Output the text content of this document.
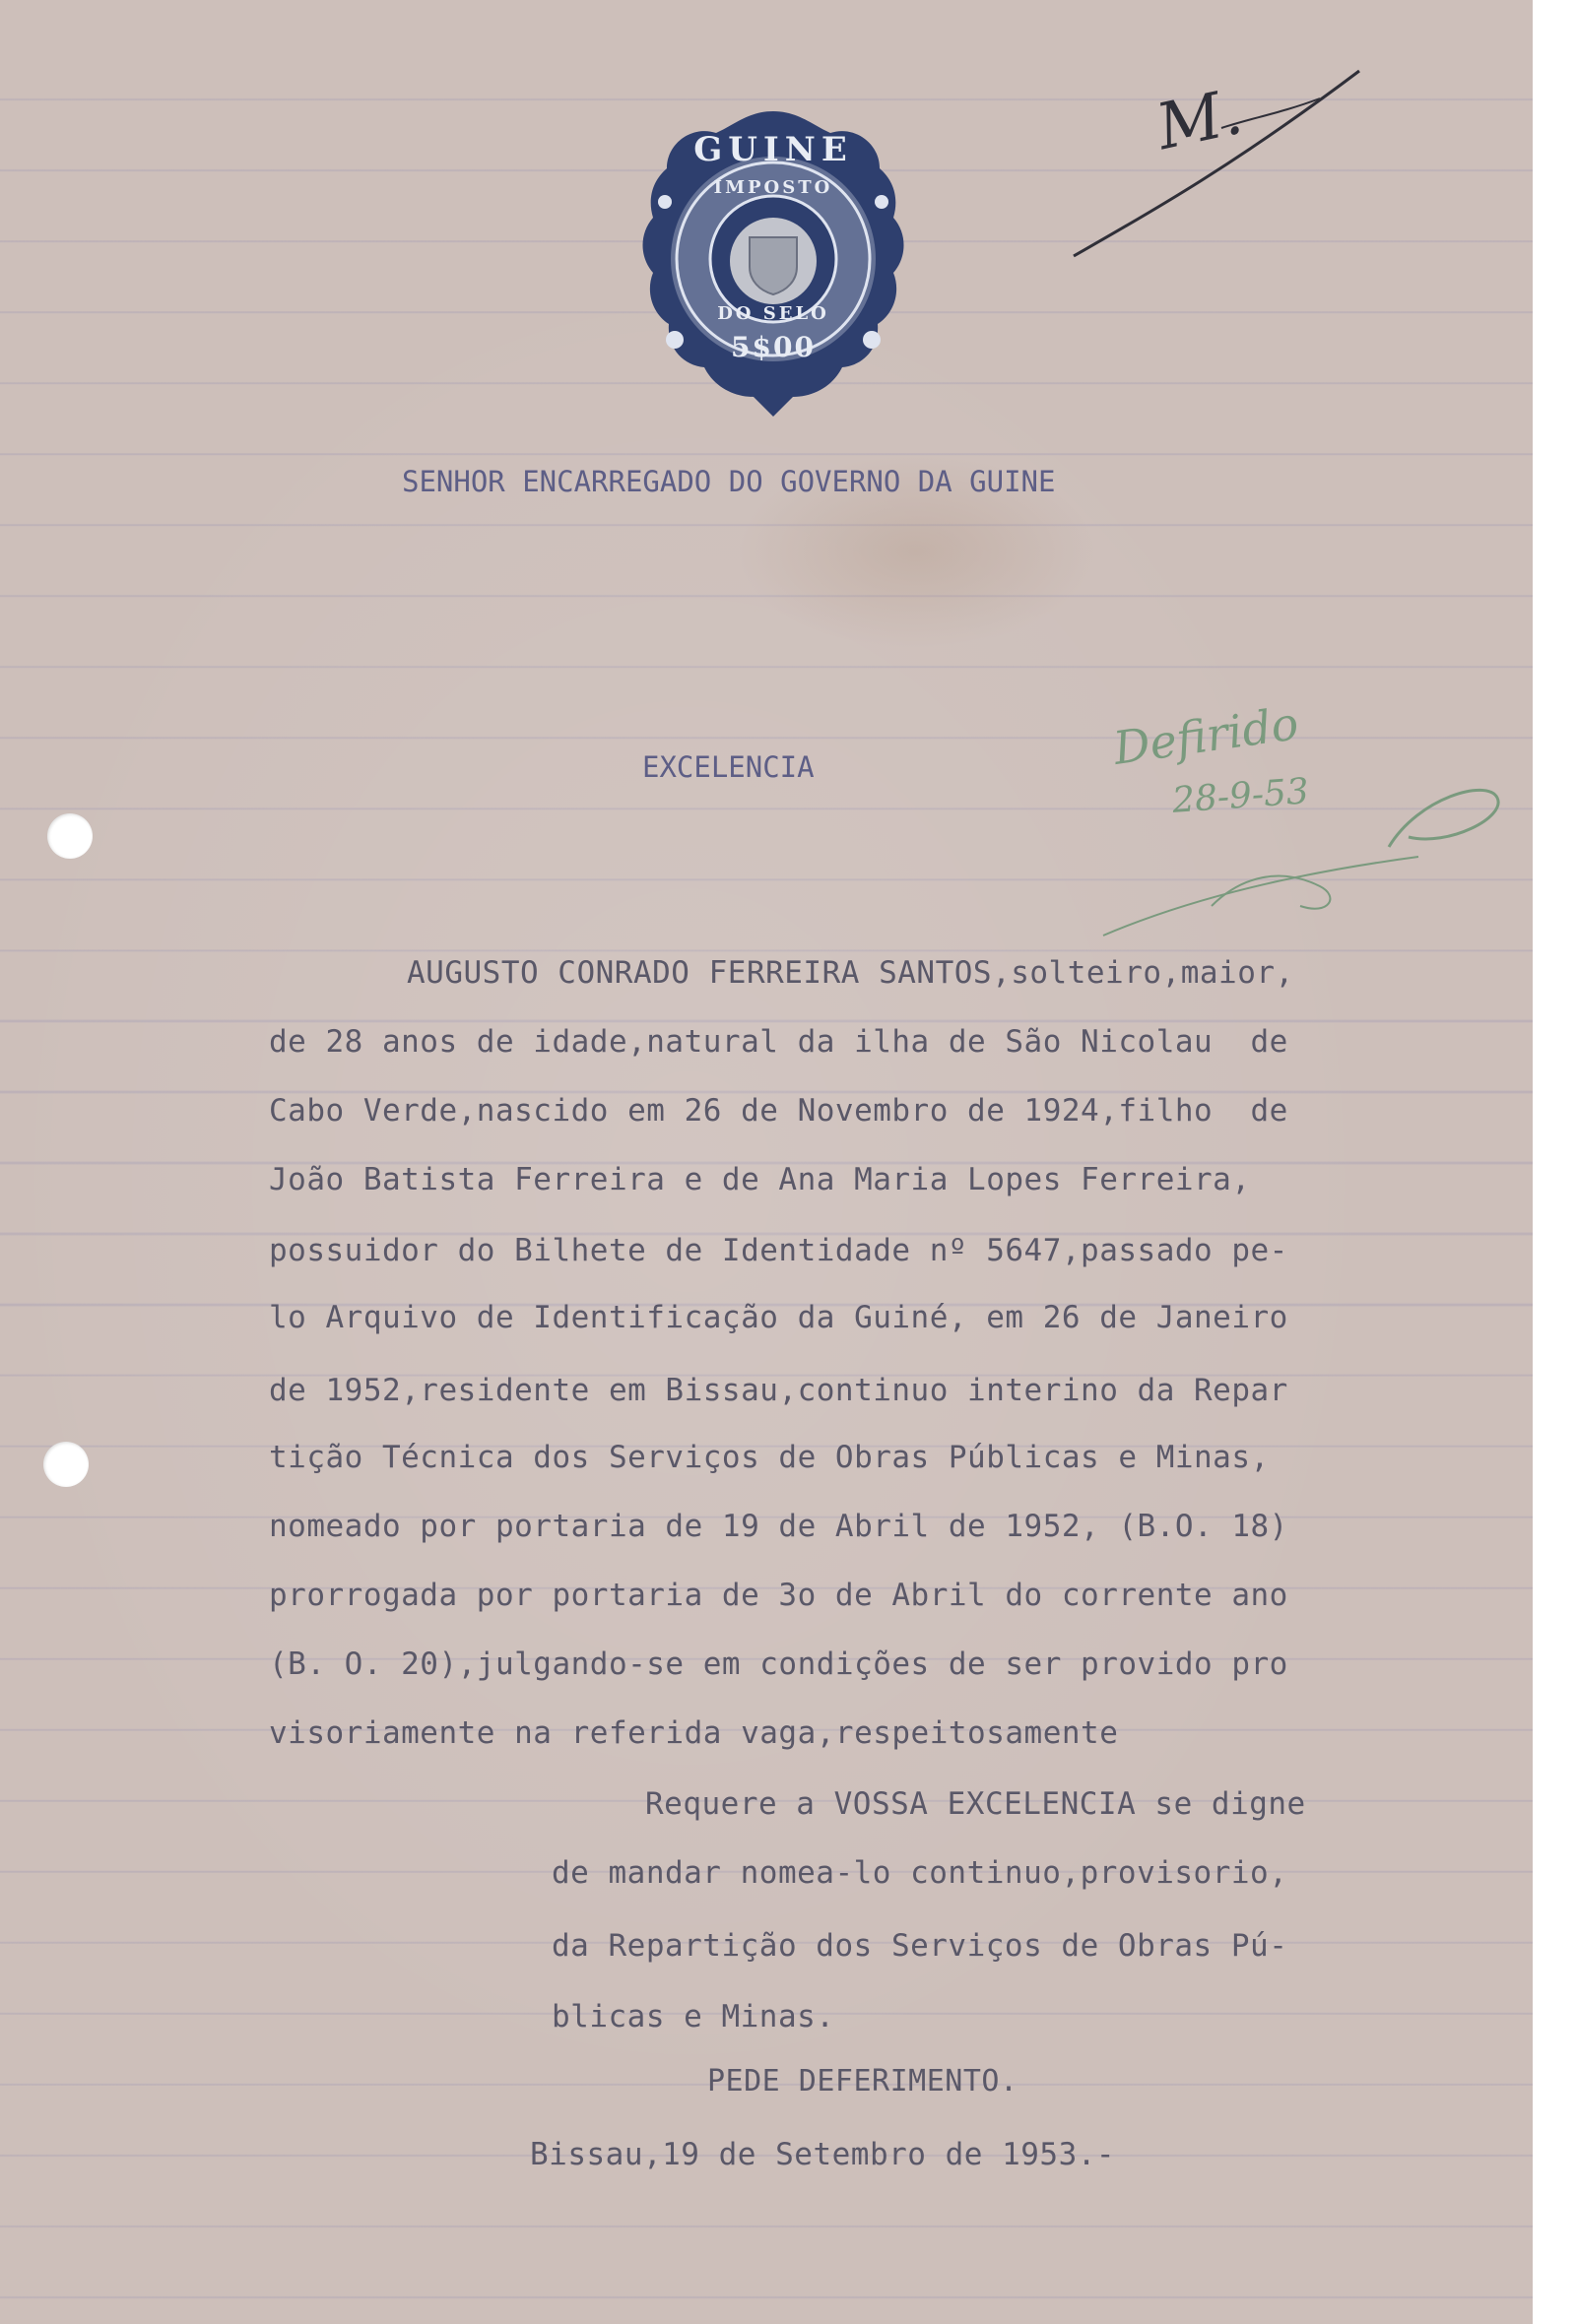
GUINE
IMPOSTO
DO SELO
5$00
M.
SENHOR ENCARREGADO DO GOVERNO DA GUINE
EXCELENCIA	Defirido
28-9-53
AUGUSTO CONRADO FERREIRA SANTOS,solteiro,maior,
de 28 anos de idade,natural da ilha de São Nicolau  de
Cabo Verde,nascido em 26 de Novembro de 1924,filho  de
João Batista Ferreira e de Ana Maria Lopes Ferreira,
possuidor do Bilhete de Identidade nº 5647,passado pe-
lo Arquivo de Identificação da Guiné, em 26 de Janeiro
de 1952,residente em Bissau,continuo interino da Repar
tição Técnica dos Serviços de Obras Públicas e Minas,
nomeado por portaria de 19 de Abril de 1952, (B.O. 18)
prorrogada por portaria de 3o de Abril do corrente ano
(B. O. 20),julgando-se em condições de ser provido pro
visoriamente na referida vaga,respeitosamente
Requere a VOSSA EXCELENCIA se digne
de mandar nomea-lo continuo,provisorio,
da Repartição dos Serviços de Obras Pú-
blicas e Minas.
PEDE DEFERIMENTO.
Bissau,19 de Setembro de 1953.-
